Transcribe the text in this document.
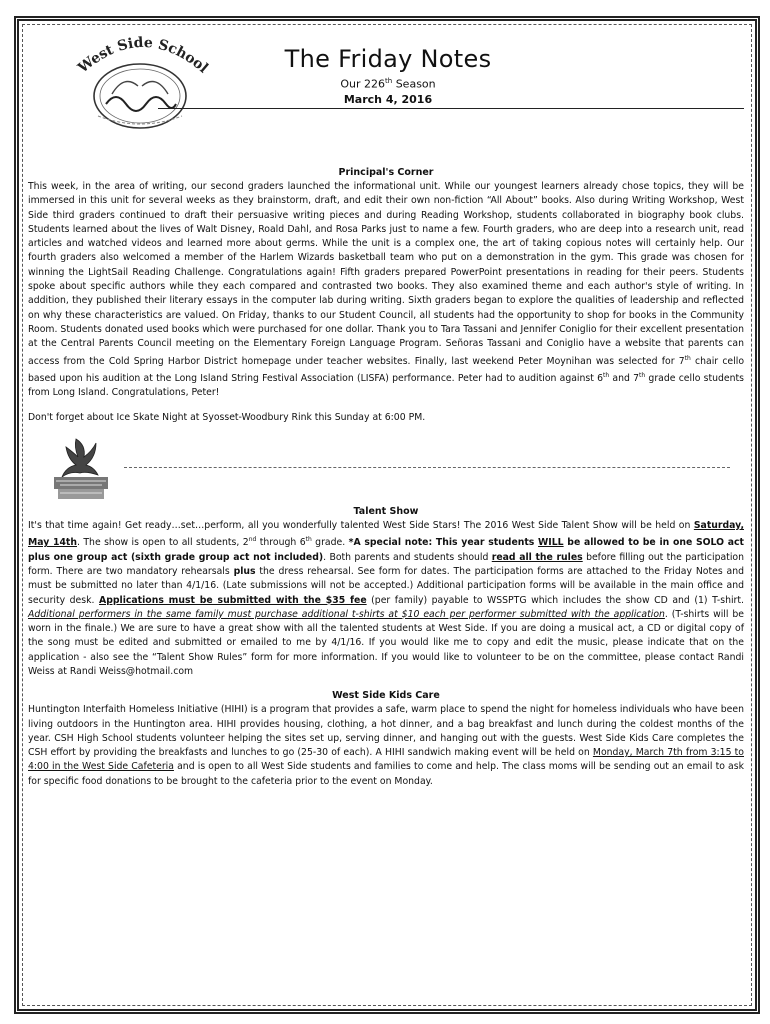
West Side School	The Friday Notes
Our 226th Season
March 4, 2016
Principal's Corner

This week, in the area of writing, our second graders launched the informational unit. While our youngest learners already chose topics, they will be immersed in this unit for several weeks as they brainstorm, draft, and edit their own non-fiction “All About” books. Also during Writing Workshop, West Side third graders continued to draft their persuasive writing pieces and during Reading Workshop, students collaborated in biography book clubs. Students learned about the lives of Walt Disney, Roald Dahl, and Rosa Parks just to name a few. Fourth graders, who are deep into a research unit, read articles and watched videos and learned more about germs. While the unit is a complex one, the art of taking copious notes will certainly help. Our fourth graders also welcomed a member of the Harlem Wizards basketball team who put on a demonstration in the gym. This grade was chosen for winning the LightSail Reading Challenge. Congratulations again! Fifth graders prepared PowerPoint presentations in reading for their peers. Students spoke about specific authors while they each compared and contrasted two books. They also examined theme and each author's style of writing. In addition, they published their literary essays in the computer lab during writing. Sixth graders began to explore the qualities of leadership and reflected on why these characteristics are valued. On Friday, thanks to our Student Council, all students had the opportunity to shop for books in the Community Room. Students donated used books which were purchased for one dollar. Thank you to Tara Tassani and Jennifer Coniglio for their excellent presentation at the Central Parents Council meeting on the Elementary Foreign Language Program. Señoras Tassani and Coniglio have a website that parents can access from the Cold Spring Harbor District homepage under teacher websites. Finally, last weekend Peter Moynihan was selected for 7th chair cello based upon his audition at the Long Island String Festival Association (LISFA) performance. Peter had to audition against 6th and 7th grade cello students from Long Island. Congratulations, Peter!

Don't forget about Ice Skate Night at Syosset-Woodbury Rink this Sunday at 6:00 PM.

Talent Show

It's that time again! Get ready…set…perform, all you wonderfully talented West Side Stars! The 2016 West Side Talent Show will be held on Saturday, May 14th. The show is open to all students, 2nd through 6th grade. *A special note: This year students WILL be allowed to be in one SOLO act plus one group act (sixth grade group act not included). Both parents and students should read all the rules before filling out the participation form. There are two mandatory rehearsals plus the dress rehearsal. See form for dates. The participation forms are attached to the Friday Notes and must be submitted no later than 4/1/16. (Late submissions will not be accepted.) Additional participation forms will be available in the main office and security desk. Applications must be submitted with the $35 fee (per family) payable to WSSPTG which includes the show CD and (1) T-shirt. Additional performers in the same family must purchase additional t-shirts at $10 each per performer submitted with the application. (T-shirts will be worn in the finale.) We are sure to have a great show with all the talented students at West Side. If you are doing a musical act, a CD or digital copy of the song must be edited and submitted or emailed to me by 4/1/16. If you would like me to copy and edit the music, please indicate that on the application - also see the “Talent Show Rules” form for more information. If you would like to volunteer to be on the committee, please contact Randi Weiss at Randi Weiss@hotmail.com

West Side Kids Care

Huntington Interfaith Homeless Initiative (HIHI) is a program that provides a safe, warm place to spend the night for homeless individuals who have been living outdoors in the Huntington area. HIHI provides housing, clothing, a hot dinner, and a bag breakfast and lunch during the coldest months of the year. CSH High School students volunteer helping the sites set up, serving dinner, and hanging out with the guests. West Side Kids Care completes the CSH effort by providing the breakfasts and lunches to go (25-30 of each). A HIHI sandwich making event will be held on Monday, March 7th from 3:15 to 4:00 in the West Side Cafeteria and is open to all West Side students and families to come and help. The class moms will be sending out an email to ask for specific food donations to be brought to the cafeteria prior to the event on Monday.
